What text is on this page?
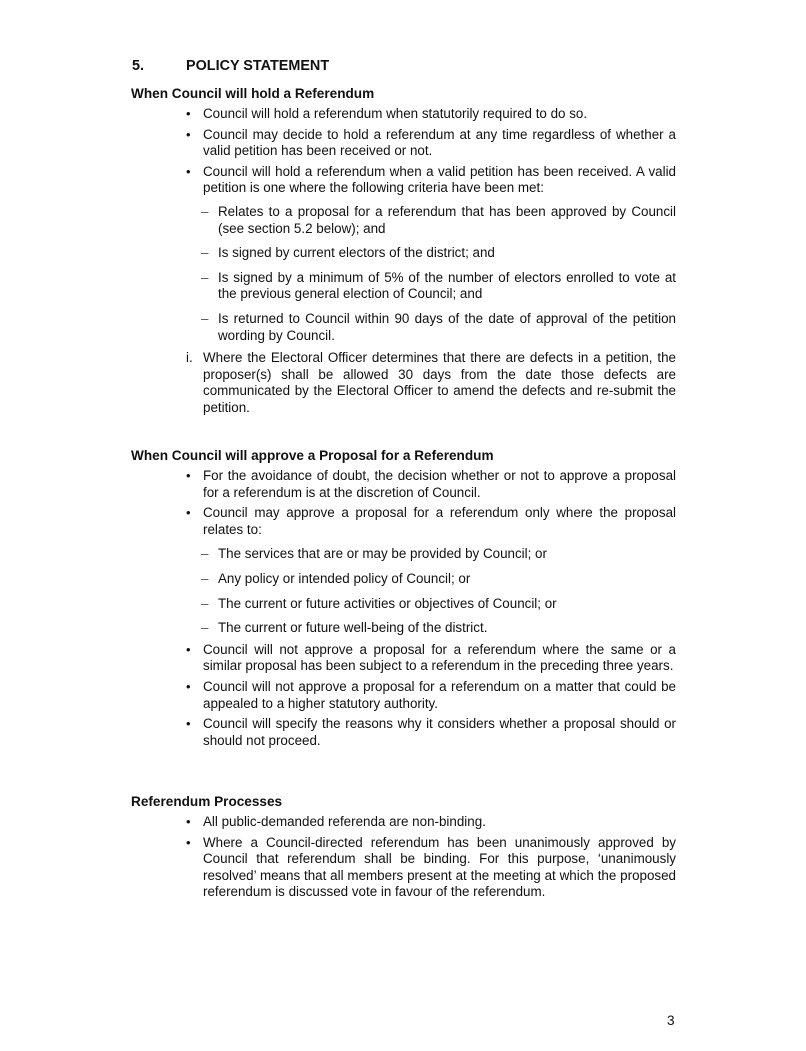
5.	POLICY STATEMENT
When Council will hold a Referendum
• Council will hold a referendum when statutorily required to do so.
• Council may decide to hold a referendum at any time regardless of whether a valid petition has been received or not.
• Council will hold a referendum when a valid petition has been received. A valid petition is one where the following criteria have been met:
– Relates to a proposal for a referendum that has been approved by Council (see section 5.2 below); and
– Is signed by current electors of the district; and
– Is signed by a minimum of 5% of the number of electors enrolled to vote at the previous general election of Council; and
– Is returned to Council within 90 days of the date of approval of the petition wording by Council.
i. Where the Electoral Officer determines that there are defects in a petition, the proposer(s) shall be allowed 30 days from the date those defects are communicated by the Electoral Officer to amend the defects and re-submit the petition.
When Council will approve a Proposal for a Referendum
• For the avoidance of doubt, the decision whether or not to approve a proposal for a referendum is at the discretion of Council.
• Council may approve a proposal for a referendum only where the proposal relates to:
– The services that are or may be provided by Council; or
– Any policy or intended policy of Council; or
– The current or future activities or objectives of Council; or
– The current or future well-being of the district.
• Council will not approve a proposal for a referendum where the same or a similar proposal has been subject to a referendum in the preceding three years.
• Council will not approve a proposal for a referendum on a matter that could be appealed to a higher statutory authority.
• Council will specify the reasons why it considers whether a proposal should or should not proceed.
Referendum Processes
• All public-demanded referenda are non-binding.
• Where a Council-directed referendum has been unanimously approved by Council that referendum shall be binding. For this purpose, ‘unanimously resolved’ means that all members present at the meeting at which the proposed referendum is discussed vote in favour of the referendum.
3
